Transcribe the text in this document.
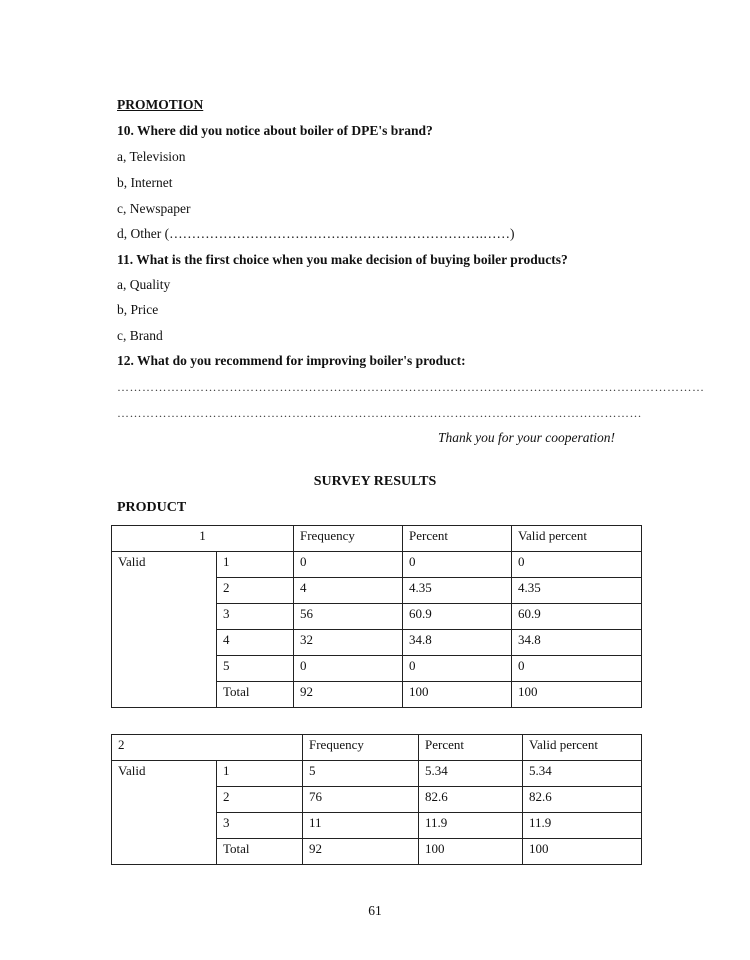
PROMOTION
10. Where did you notice about boiler of DPE's brand?
a, Television
b, Internet
c, Newspaper
d, Other (…………………………………………………………….……)
11. What is the first choice when you make decision of buying boiler products?
a, Quality
b, Price
c, Brand
12. What do you recommend for improving boiler's product:
……………………………………………………………………………………………………………………………
………………………………………………………………………………………………………………
Thank you for your cooperation!
SURVEY RESULTS
PRODUCT
1		Frequency	Percent	Valid percent
Valid	1	0	0	0
	2	4	4.35	4.35
	3	56	60.9	60.9
	4	32	34.8	34.8
	5	0	0	0
	Total	92	100	100
2		Frequency	Percent	Valid percent
Valid	1	5	5.34	5.34
	2	76	82.6	82.6
	3	11	11.9	11.9
	Total	92	100	100
61
